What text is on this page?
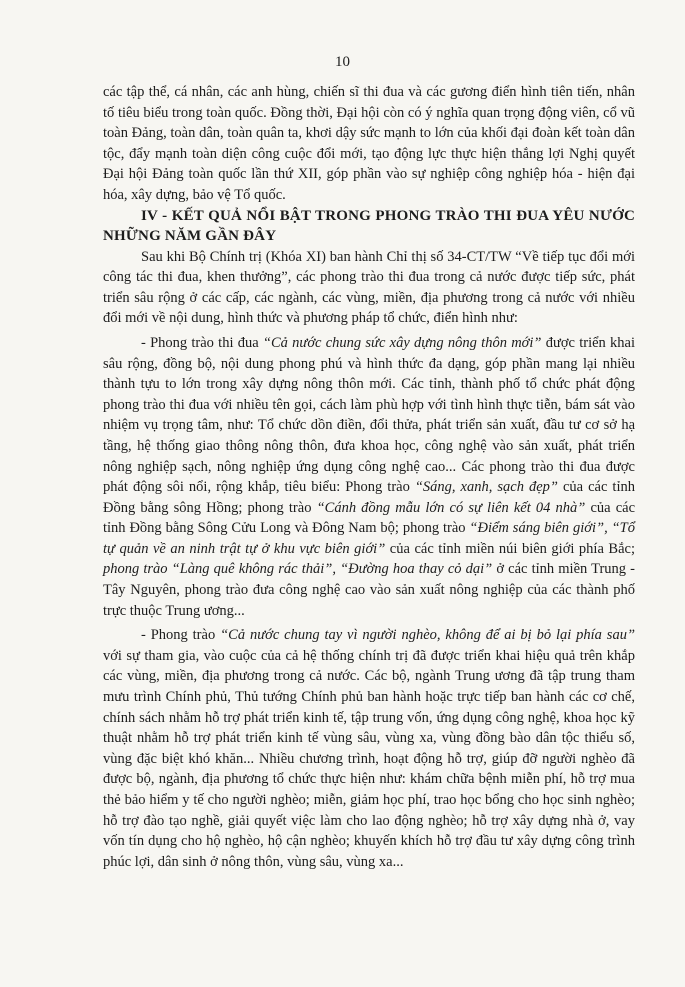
10

các tập thể, cá nhân, các anh hùng, chiến sĩ thi đua và các gương điển hình tiên tiến, nhân tố tiêu biểu trong toàn quốc. Đồng thời, Đại hội còn có ý nghĩa quan trọng động viên, cổ vũ toàn Đảng, toàn dân, toàn quân ta, khơi dậy sức mạnh to lớn của khối đại đoàn kết toàn dân tộc, đẩy mạnh toàn diện công cuộc đổi mới, tạo động lực thực hiện thắng lợi Nghị quyết Đại hội Đảng toàn quốc lần thứ XII, góp phần vào sự nghiệp công nghiệp hóa - hiện đại hóa, xây dựng, bảo vệ Tổ quốc.

IV - KẾT QUẢ NỔI BẬT TRONG PHONG TRÀO THI ĐUA YÊU NƯỚC NHỮNG NĂM GẦN ĐÂY

Sau khi Bộ Chính trị (Khóa XI) ban hành Chỉ thị số 34-CT/TW “Về tiếp tục đổi mới công tác thi đua, khen thưởng”, các phong trào thi đua trong cả nước được tiếp sức, phát triển sâu rộng ở các cấp, các ngành, các vùng, miền, địa phương trong cả nước với nhiều đổi mới về nội dung, hình thức và phương pháp tổ chức, điển hình như:

- Phong trào thi đua “Cả nước chung sức xây dựng nông thôn mới” được triển khai sâu rộng, đồng bộ, nội dung phong phú và hình thức đa dạng, góp phần mang lại nhiều thành tựu to lớn trong xây dựng nông thôn mới. Các tỉnh, thành phố tổ chức phát động phong trào thi đua với nhiều tên gọi, cách làm phù hợp với tình hình thực tiễn, bám sát vào nhiệm vụ trọng tâm, như: Tổ chức dồn điền, đổi thửa, phát triển sản xuất, đầu tư cơ sở hạ tầng, hệ thống giao thông nông thôn, đưa khoa học, công nghệ vào sản xuất, phát triển nông nghiệp sạch, nông nghiệp ứng dụng công nghệ cao... Các phong trào thi đua được phát động sôi nổi, rộng khắp, tiêu biểu: Phong trào “Sáng, xanh, sạch đẹp” của các tỉnh Đồng bằng sông Hồng; phong trào “Cánh đồng mẫu lớn có sự liên kết 04 nhà” của các tỉnh Đồng bằng Sông Cửu Long và Đông Nam bộ; phong trào “Điểm sáng biên giới”, “Tổ tự quản về an ninh trật tự ở khu vực biên giới” của các tỉnh miền núi biên giới phía Bắc; phong trào “Làng quê không rác thải”, “Đường hoa thay cỏ dại” ở các tỉnh miền Trung - Tây Nguyên, phong trào đưa công nghệ cao vào sản xuất nông nghiệp của các thành phố trực thuộc Trung ương...

- Phong trào “Cả nước chung tay vì người nghèo, không để ai bị bỏ lại phía sau” với sự tham gia, vào cuộc của cả hệ thống chính trị đã được triển khai hiệu quả trên khắp các vùng, miền, địa phương trong cả nước. Các bộ, ngành Trung ương đã tập trung tham mưu trình Chính phủ, Thủ tướng Chính phủ ban hành hoặc trực tiếp ban hành các cơ chế, chính sách nhằm hỗ trợ phát triển kinh tế, tập trung vốn, ứng dụng công nghệ, khoa học kỹ thuật nhằm hỗ trợ phát triển kinh tế vùng sâu, vùng xa, vùng đồng bào dân tộc thiểu số, vùng đặc biệt khó khăn... Nhiều chương trình, hoạt động hỗ trợ, giúp đỡ người nghèo đã được bộ, ngành, địa phương tổ chức thực hiện như: khám chữa bệnh miễn phí, hỗ trợ mua thẻ bảo hiểm y tế cho người nghèo; miễn, giảm học phí, trao học bổng cho học sinh nghèo; hỗ trợ đào tạo nghề, giải quyết việc làm cho lao động nghèo; hỗ trợ xây dựng nhà ở, vay vốn tín dụng cho hộ nghèo, hộ cận nghèo; khuyến khích hỗ trợ đầu tư xây dựng công trình phúc lợi, dân sinh ở nông thôn, vùng sâu, vùng xa...
